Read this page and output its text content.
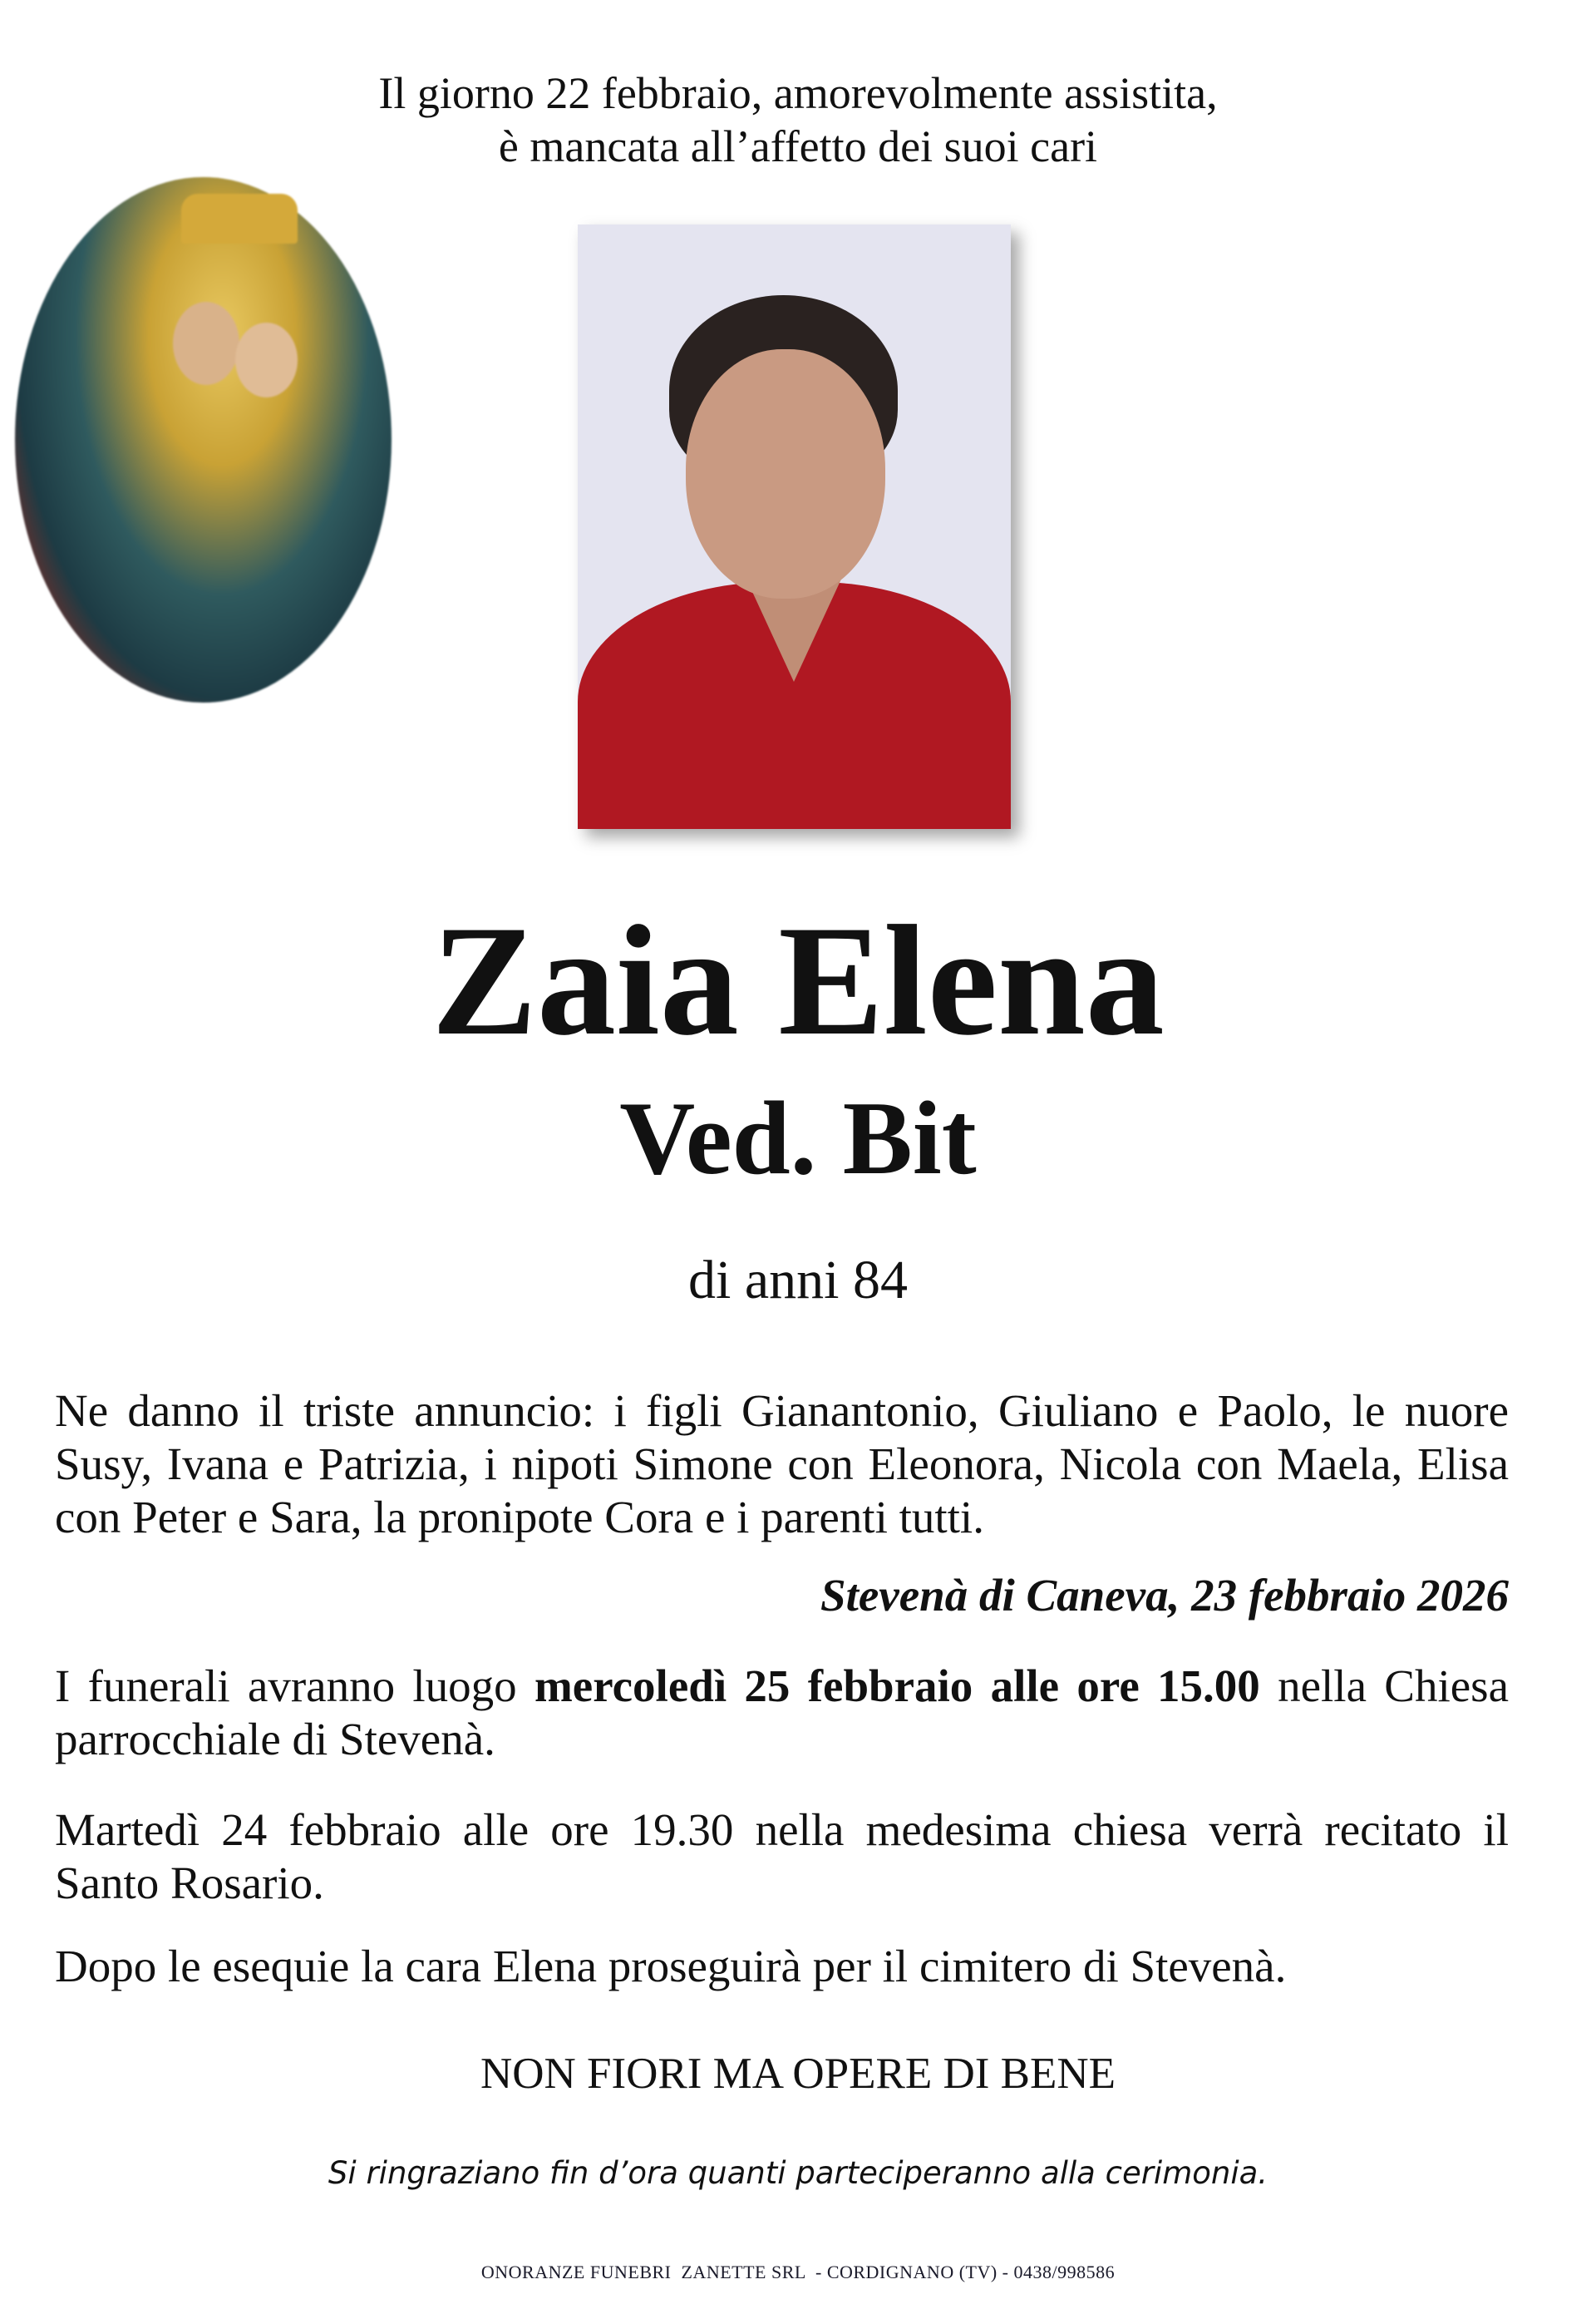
Il giorno 22 febbraio, amorevolmente assistita,
è mancata all’affetto dei suoi cari
Zaia Elena
Ved. Bit
di anni 84
Ne danno il triste annuncio: i figli Gianantonio, Giuliano e Paolo, le nuore Susy, Ivana e Patrizia, i nipoti Simone con Eleonora, Nicola con Maela, Elisa con Peter e Sara, la pronipote Cora e i parenti tutti.
Stevenà di Caneva, 23 febbraio 2026
I funerali avranno luogo mercoledì 25 febbraio alle ore 15.00 nella Chiesa parrocchiale di Stevenà.
Martedì 24 febbraio alle ore 19.30 nella medesima chiesa verrà recitato il Santo Rosario.
Dopo le esequie la cara Elena proseguirà per il cimitero di Stevenà.
NON FIORI MA OPERE DI BENE
Si ringraziano fin d’ora quanti parteciperanno alla cerimonia.
ONORANZE FUNEBRI  ZANETTE SRL  - CORDIGNANO (TV) - 0438/998586
